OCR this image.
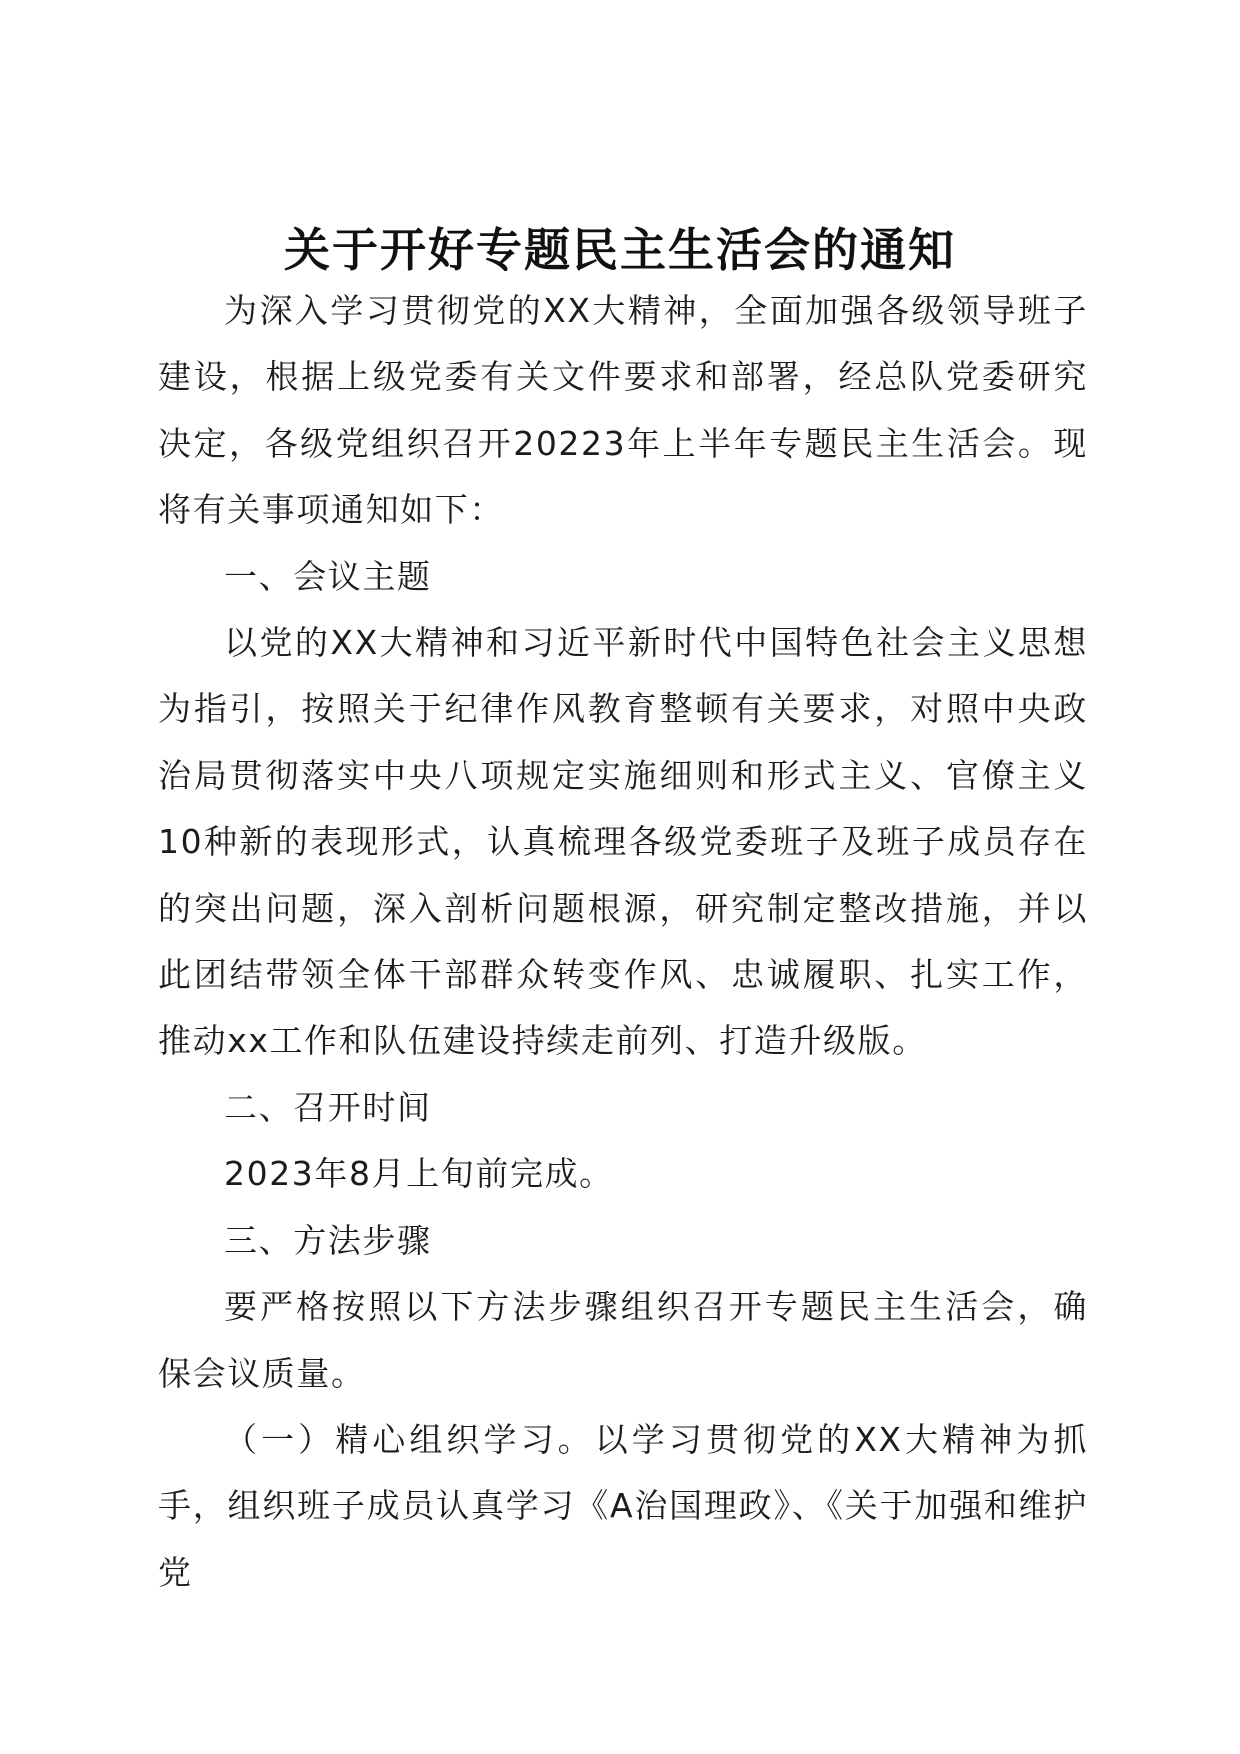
关于开好专题民主生活会的通知

为深入学习贯彻党的XX大精神，全面加强各级领导班子建设，根据上级党委有关文件要求和部署，经总队党委研究决定，各级党组织召开20223年上半年专题民主生活会。现将有关事项通知如下：

一、会议主题

以党的XX大精神和习近平新时代中国特色社会主义思想为指引，按照关于纪律作风教育整顿有关要求，对照中央政治局贯彻落实中央八项规定实施细则和形式主义、官僚主义10种新的表现形式，认真梳理各级党委班子及班子成员存在的突出问题，深入剖析问题根源，研究制定整改措施，并以此团结带领全体干部群众转变作风、忠诚履职、扎实工作，推动xx工作和队伍建设持续走前列、打造升级版。

二、召开时间

2023年8月上旬前完成。

三、方法步骤

要严格按照以下方法步骤组织召开专题民主生活会，确保会议质量。

（一）精心组织学习。以学习贯彻党的XX大精神为抓手，组织班子成员认真学习《A治国理政》、《关于加强和维护党
